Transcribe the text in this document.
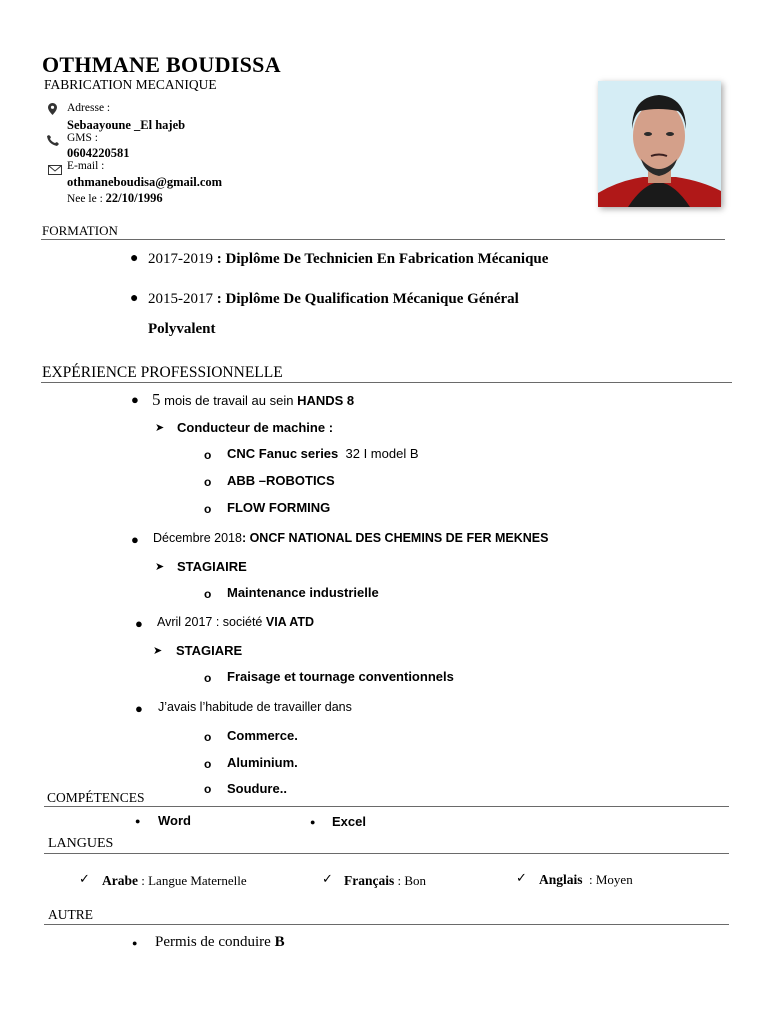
OTHMANE BOUDISSA
FABRICATION MECANIQUE
Adresse :
Sebaayoune _El hajeb
GMS :
0604220581
E-mail :
othmaneboudisa@gmail.com
Nee le : 22/10/1996
FORMATION
● 2017-2019 : Diplôme De Technicien En Fabrication Mécanique
● 2015-2017 : Diplôme De Qualification Mécanique Général
Polyvalent
EXPÉRIENCE PROFESSIONNELLE
● 5 mois de travail au sein HANDS 8
➤ Conducteur de machine :
o CNC Fanuc series  32 I model B
o ABB –ROBOTICS
o FLOW FORMING
● Décembre 2018: ONCF NATIONAL DES CHEMINS DE FER MEKNES
➤ STAGIAIRE
o Maintenance industrielle
● Avril 2017 : société VIA ATD
➤ STAGIARE
o Fraisage et tournage conventionnels
● J’avais l’habitude de travailler dans
o Commerce.
o Aluminium.
o Soudure..
COMPÉTENCES
● Word	● Excel
LANGUES
✓ Arabe : Langue Maternelle	✓ Français : Bon	✓ Anglais  : Moyen
AUTRE
● Permis de conduire B
